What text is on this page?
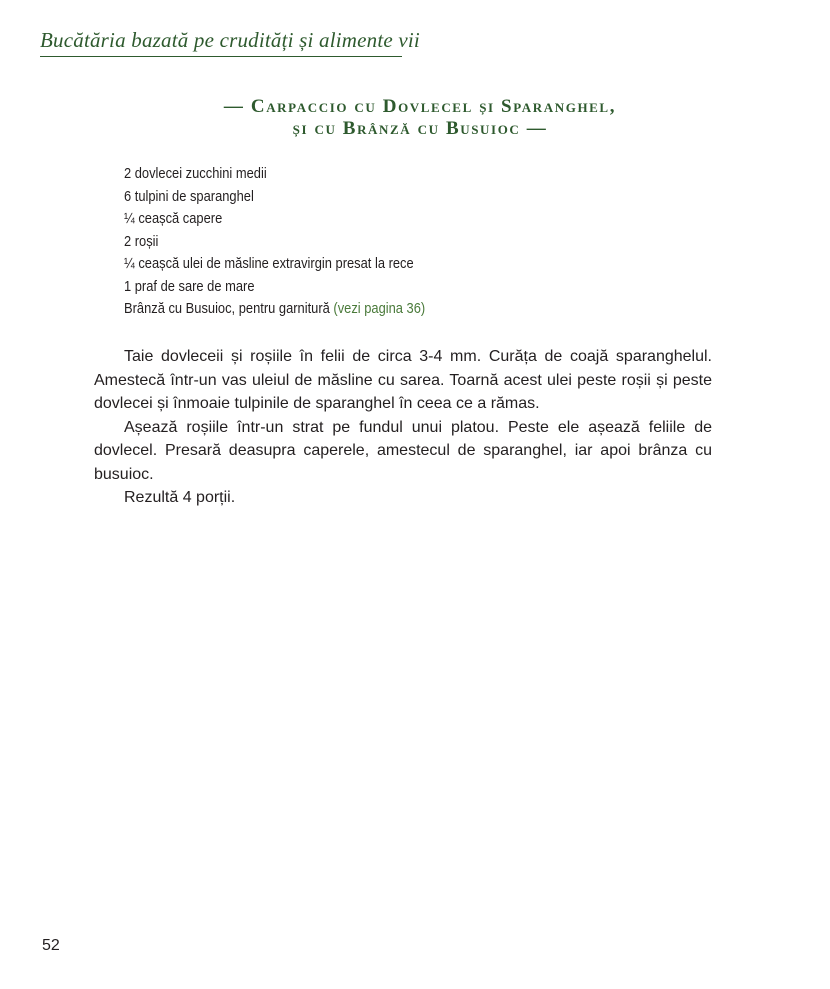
Bucătăria bazată pe crudități și alimente vii
— Carpaccio cu Dovlecel și Sparanghel,
și cu Brânză cu Busuioc —
2 dovlecei zucchini medii
6 tulpini de sparanghel
¼ ceașcă capere
2 roșii
¼ ceașcă ulei de măsline extravirgin presat la rece
1 praf de sare de mare
Brânză cu Busuioc, pentru garnitură (vezi pagina 36)

Taie dovleceii și roșiile în felii de circa 3-4 mm. Curăța de coajă sparanghelul. Amestecă într-un vas uleiul de măsline cu sarea. Toarnă acest ulei peste roșii și peste dovlecei și înmoaie tulpinile de sparanghel în ceea ce a rămas.

Așează roșiile într-un strat pe fundul unui platou. Peste ele așează feliile de dovlecel. Presară deasupra caperele, amestecul de sparanghel, iar apoi brânza cu busuioc.

Rezultă 4 porții.

52
